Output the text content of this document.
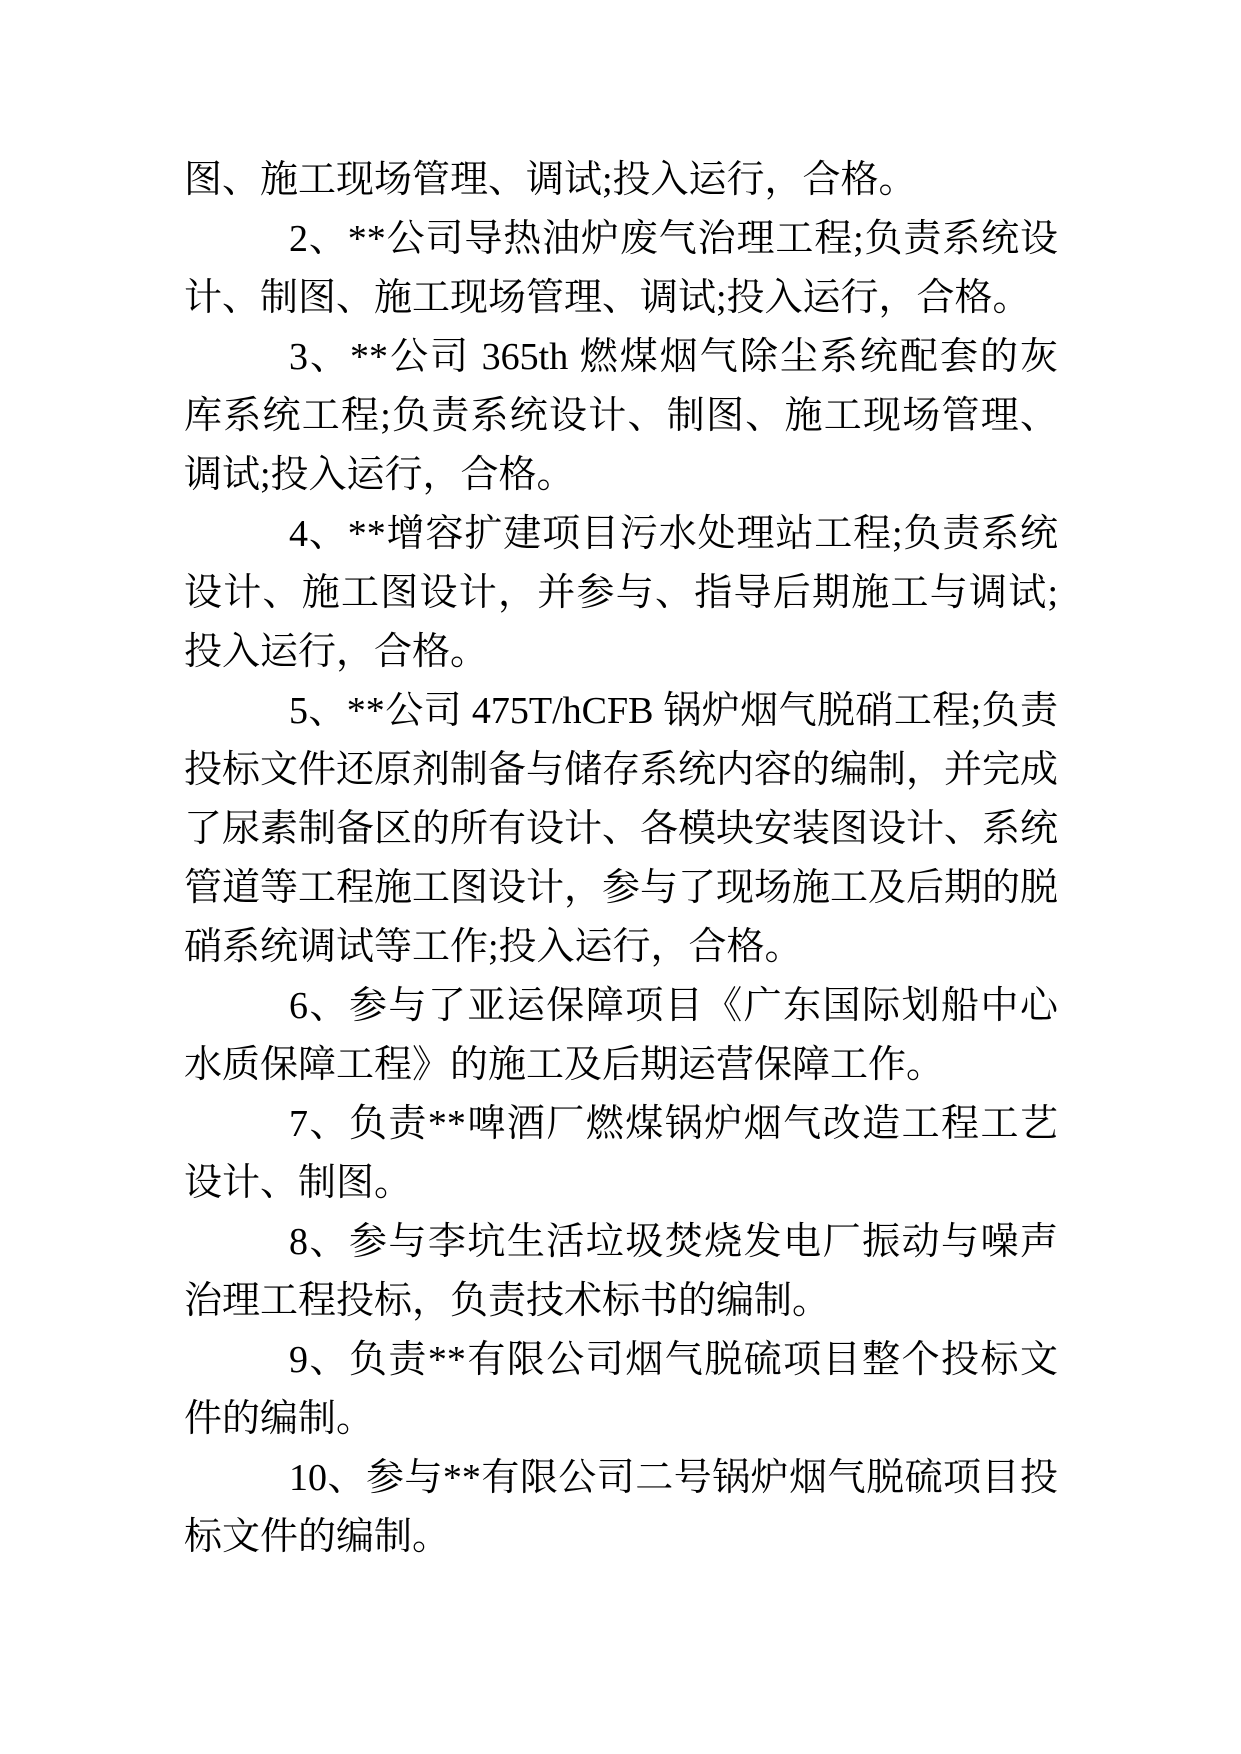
图、施工现场管理、调试;投入运行，合格。

2、**公司导热油炉废气治理工程;负责系统设计、制图、施工现场管理、调试;投入运行，合格。

3、**公司 365th 燃煤烟气除尘系统配套的灰库系统工程;负责系统设计、制图、施工现场管理、调试;投入运行，合格。

4、**增容扩建项目污水处理站工程;负责系统设计、施工图设计，并参与、指导后期施工与调试;投入运行，合格。

5、**公司 475T/hCFB 锅炉烟气脱硝工程;负责投标文件还原剂制备与储存系统内容的编制，并完成了尿素制备区的所有设计、各模块安装图设计、系统管道等工程施工图设计，参与了现场施工及后期的脱硝系统调试等工作;投入运行，合格。

6、参与了亚运保障项目《广东国际划船中心水质保障工程》的施工及后期运营保障工作。

7、负责**啤酒厂燃煤锅炉烟气改造工程工艺设计、制图。

8、参与李坑生活垃圾焚烧发电厂振动与噪声治理工程投标，负责技术标书的编制。

9、负责**有限公司烟气脱硫项目整个投标文件的编制。

10、参与**有限公司二号锅炉烟气脱硫项目投标文件的编制。
